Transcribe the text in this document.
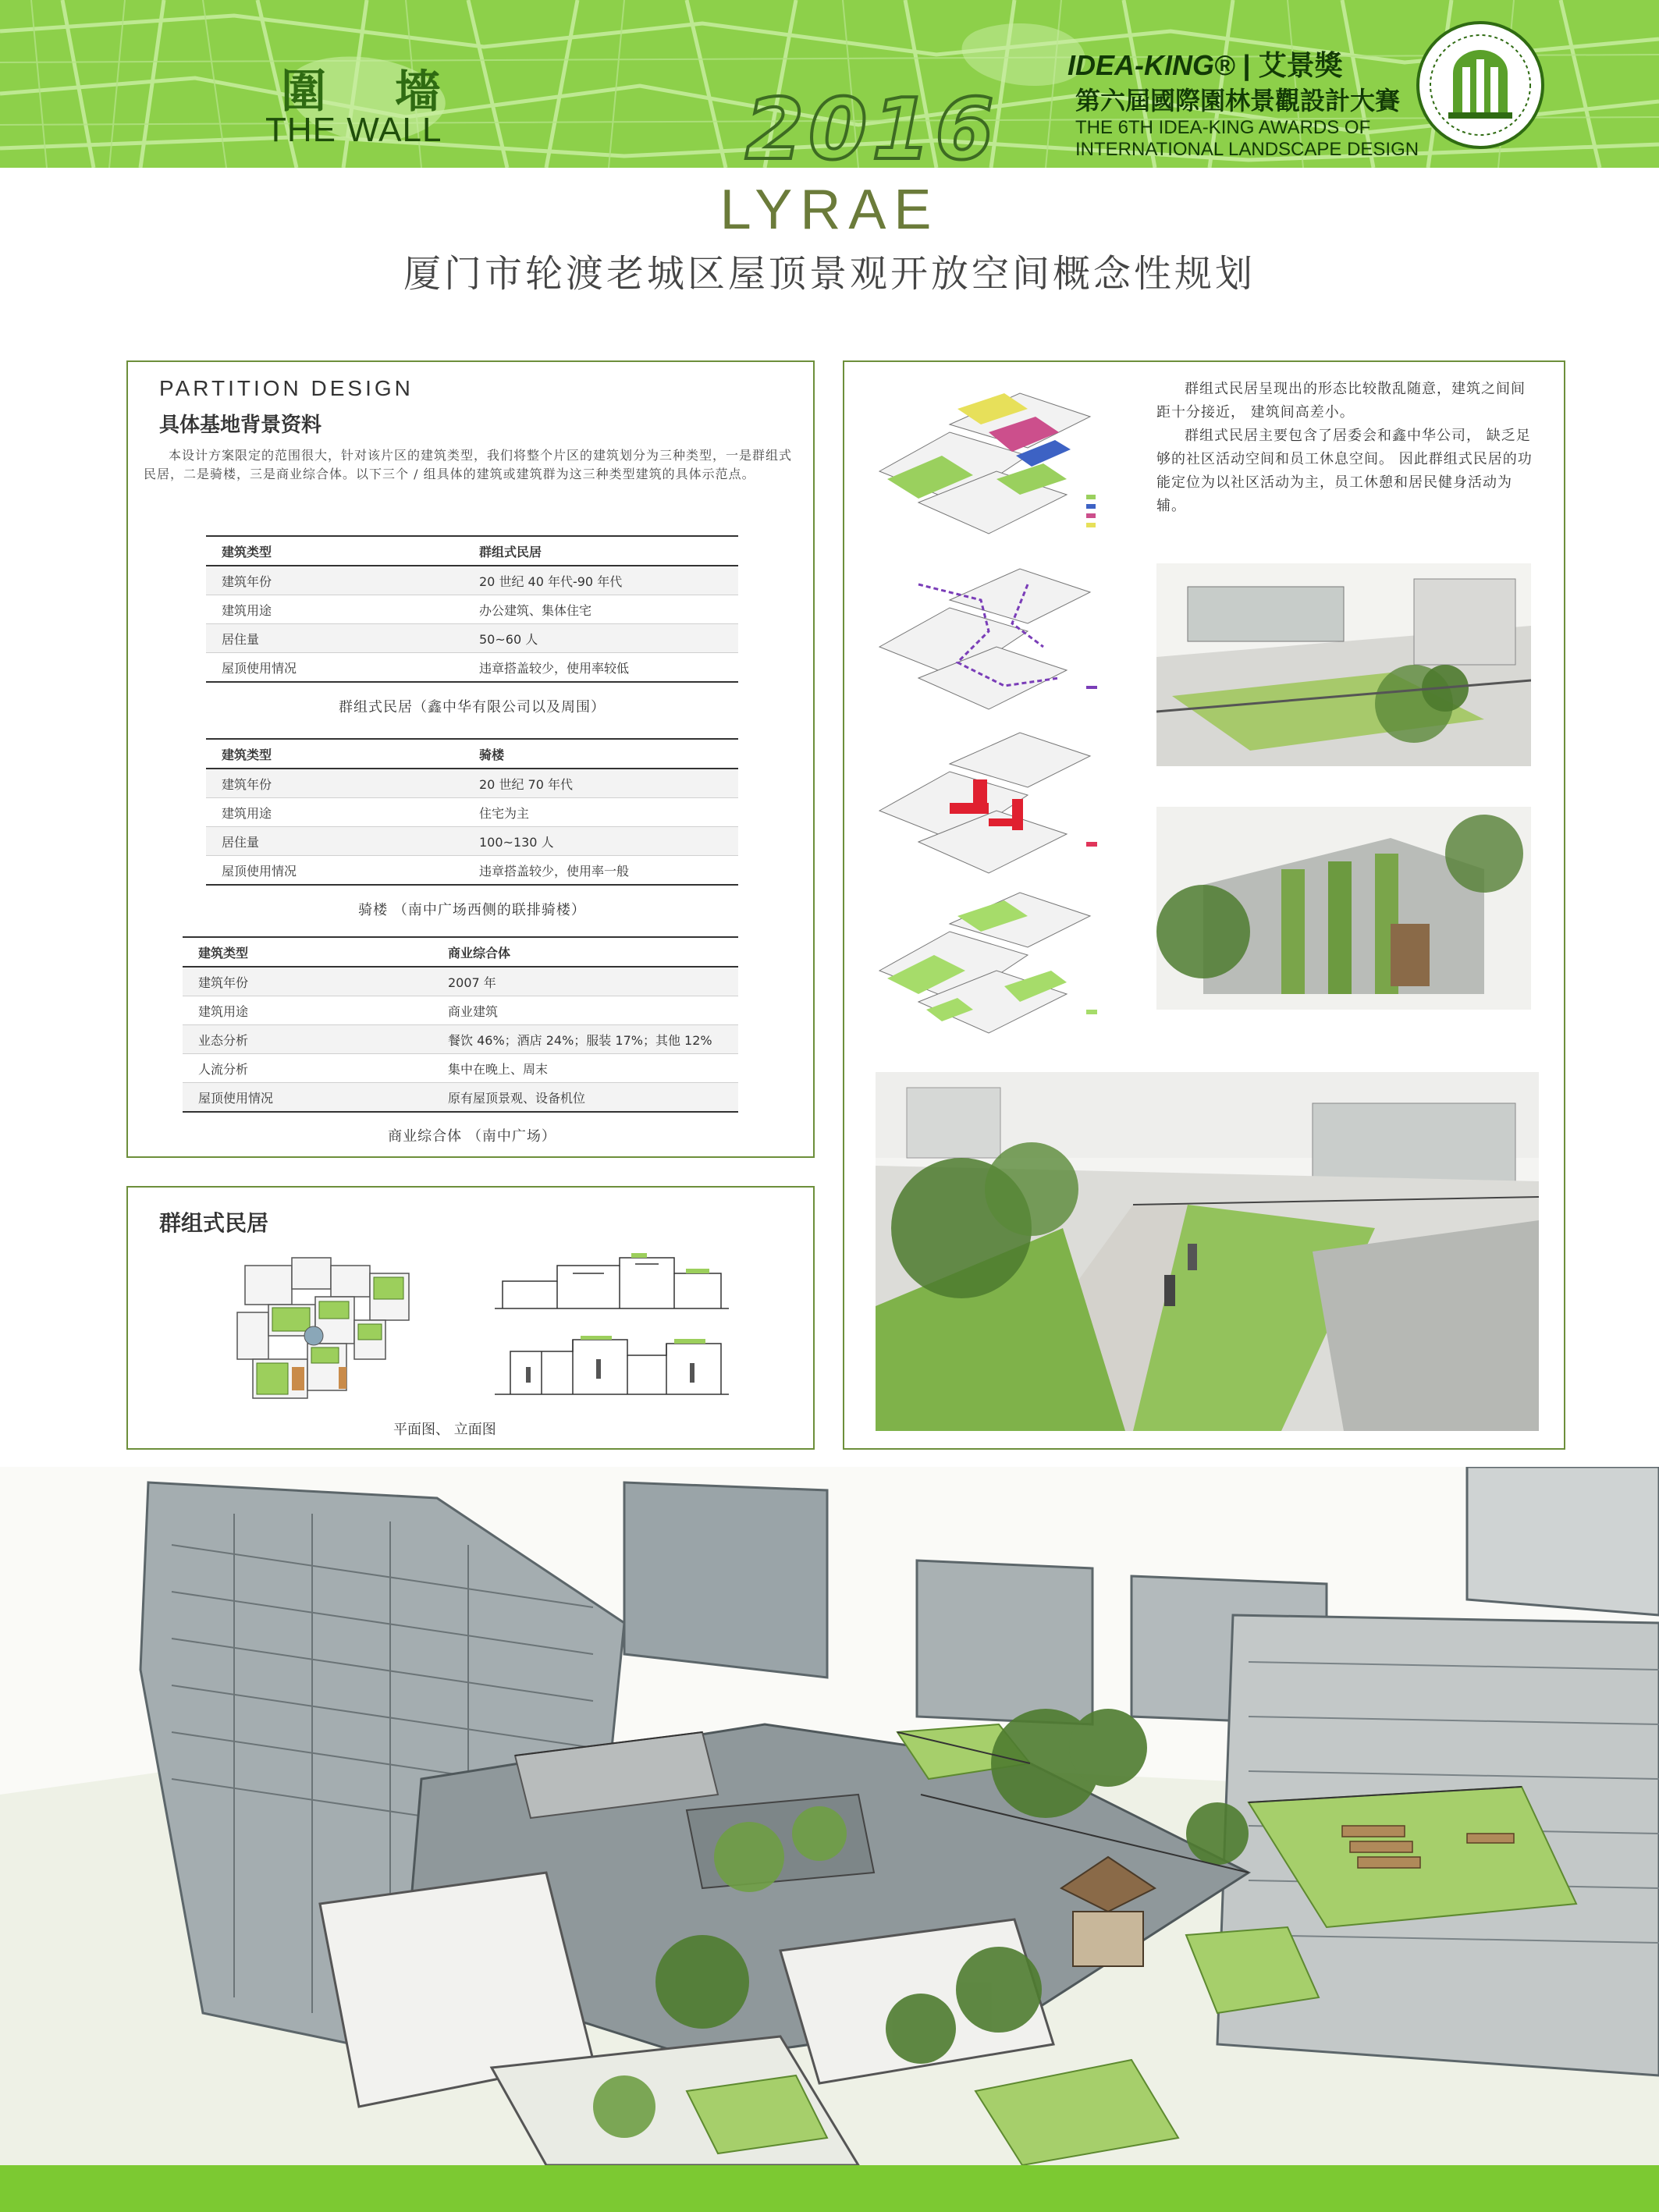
圍 墻
THE WALL	2016
IDEA-KING® | 艾景獎
第六屆國際園林景觀設計大賽
THE 6TH IDEA-KING AWARDS OF
INTERNATIONAL LANDSCAPE DESIGN
LYRAE
厦门市轮渡老城区屋顶景观开放空间概念性规划
PARTITION DESIGN
具体基地背景资料
本设计方案限定的范围很大，针对该片区的建筑类型，我们将整个片区的建筑划分为三种类型，一是群组式民居，二是骑楼，三是商业综合体。以下三个 / 组具体的建筑或建筑群为这三种类型建筑的具体示范点。
建筑类型	群组式民居
建筑年份	20 世纪 40 年代-90 年代
建筑用途	办公建筑、集体住宅
居住量	50~60 人
屋顶使用情况	违章搭盖较少，使用率较低
群组式民居（鑫中华有限公司以及周围）
建筑类型	骑楼
建筑年份	20 世纪 70 年代
建筑用途	住宅为主
居住量	100~130 人
屋顶使用情况	违章搭盖较少，使用率一般
骑楼 （南中广场西侧的联排骑楼）
建筑类型	商业综合体
建筑年份	2007 年
建筑用途	商业建筑
业态分析	餐饮 46%；酒店 24%；服装 17%；其他 12%
人流分析	集中在晚上、周末
屋顶使用情况	原有屋顶景观、设备机位
商业综合体 （南中广场）
群组式民居
平面图、 立面图

群组式民居呈现出的形态比较散乱随意，建筑之间间距十分接近， 建筑间高差小。

群组式民居主要包含了居委会和鑫中华公司， 缺乏足够的社区活动空间和员工休息空间。 因此群组式民居的功能定位为以社区活动为主，员工休憩和居民健身活动为辅。
